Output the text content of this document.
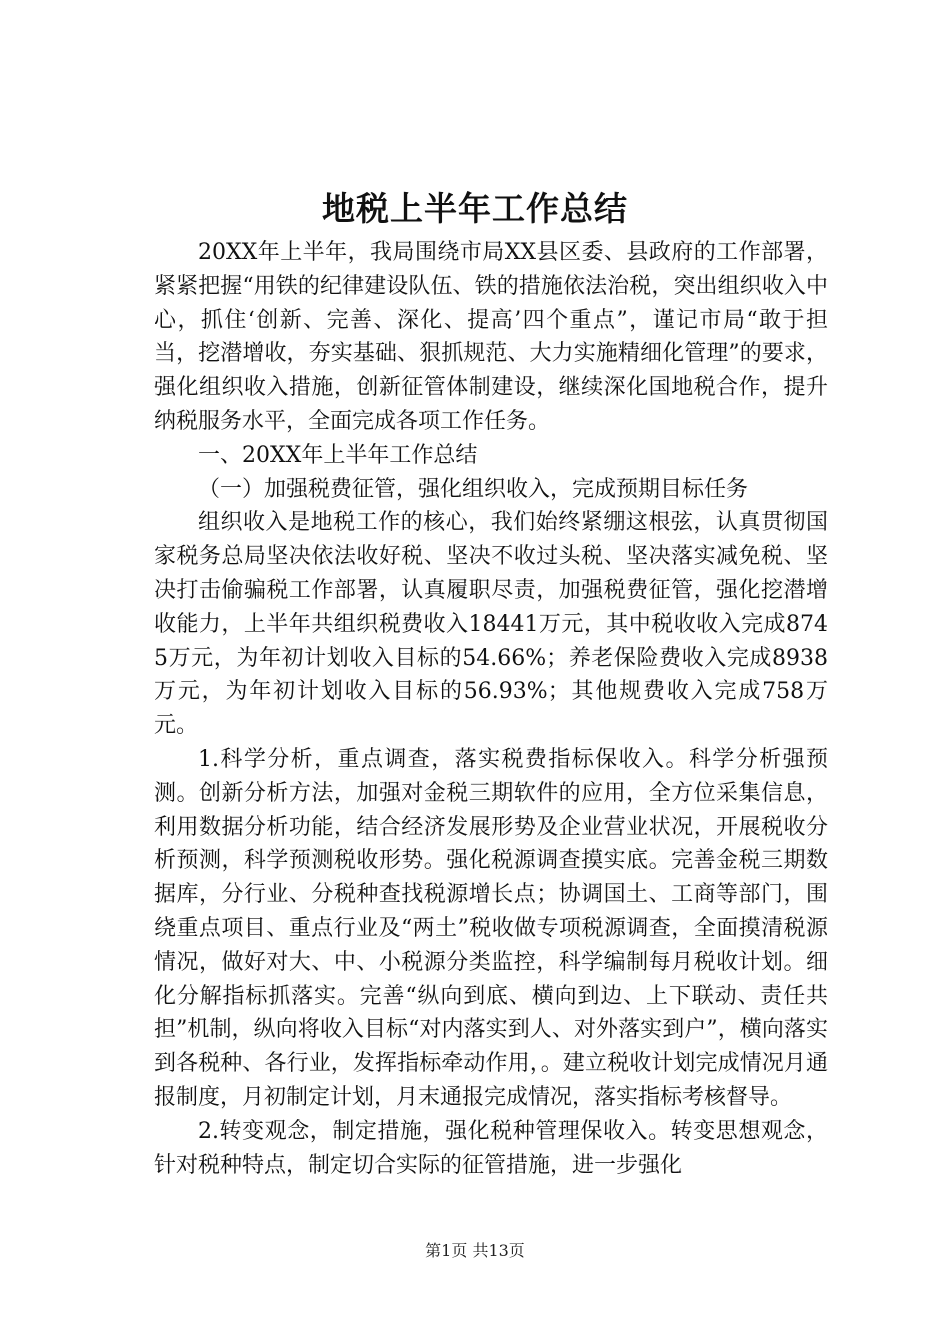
地税上半年工作总结

20XX年上半年，我局围绕市局XX县区委、县政府的工作部署，紧紧把握“用铁的纪律建设队伍、铁的措施依法治税，突出组织收入中心，抓住‘创新、完善、深化、提高’四个重点”，谨记市局“敢于担当，挖潜增收，夯实基础、狠抓规范、大力实施精细化管理”的要求，强化组织收入措施，创新征管体制建设，继续深化国地税合作，提升纳税服务水平，全面完成各项工作任务。

一、20XX年上半年工作总结

（一）加强税费征管，强化组织收入，完成预期目标任务

组织收入是地税工作的核心，我们始终紧绷这根弦，认真贯彻国家税务总局坚决依法收好税、坚决不收过头税、坚决落实减免税、坚决打击偷骗税工作部署，认真履职尽责，加强税费征管，强化挖潜增收能力，上半年共组织税费收入18441万元，其中税收收入完成8745万元，为年初计划收入目标的54.66%；养老保险费收入完成8938万元，为年初计划收入目标的56.93%；其他规费收入完成758万元。

1.科学分析，重点调查，落实税费指标保收入。科学分析强预测。创新分析方法，加强对金税三期软件的应用，全方位采集信息，利用数据分析功能，结合经济发展形势及企业营业状况，开展税收分析预测，科学预测税收形势。强化税源调查摸实底。完善金税三期数据库，分行业、分税种查找税源增长点；协调国土、工商等部门，围绕重点项目、重点行业及“两土”税收做专项税源调查，全面摸清税源情况，做好对大、中、小税源分类监控，科学编制每月税收计划。细化分解指标抓落实。完善“纵向到底、横向到边、上下联动、责任共担”机制，纵向将收入目标“对内落实到人、对外落实到户”，横向落实到各税种、各行业，发挥指标牵动作用，。建立税收计划完成情况月通报制度，月初制定计划，月末通报完成情况，落实指标考核督导。

2.转变观念，制定措施，强化税种管理保收入。转变思想观念，针对税种特点，制定切合实际的征管措施，进一步强化

第1页 共13页
